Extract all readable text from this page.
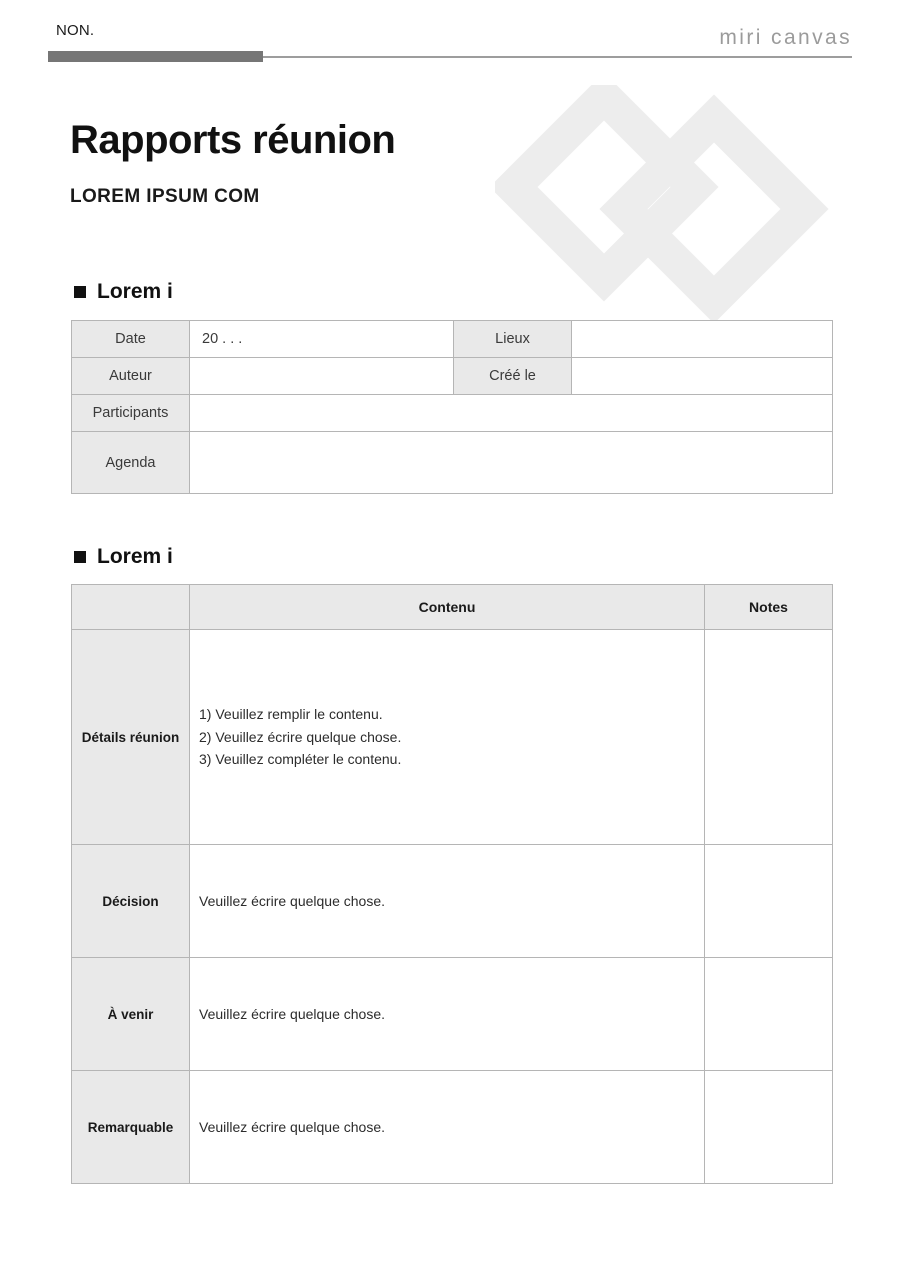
NON.	miri canvas
Rapports réunion
LOREM IPSUM COM
Lorem i
Date	20 . . .	Lieux	
Auteur		Créé le	
Participants			
Agenda			
Lorem i
	Contenu	Notes
Détails réunion	1) Veuillez remplir le contenu.
2) Veuillez écrire quelque chose.
3) Veuillez compléter le contenu.	

Décision	Veuillez écrire quelque chose.	

À venir	Veuillez écrire quelque chose.	

Remarquable	Veuillez écrire quelque chose.	
